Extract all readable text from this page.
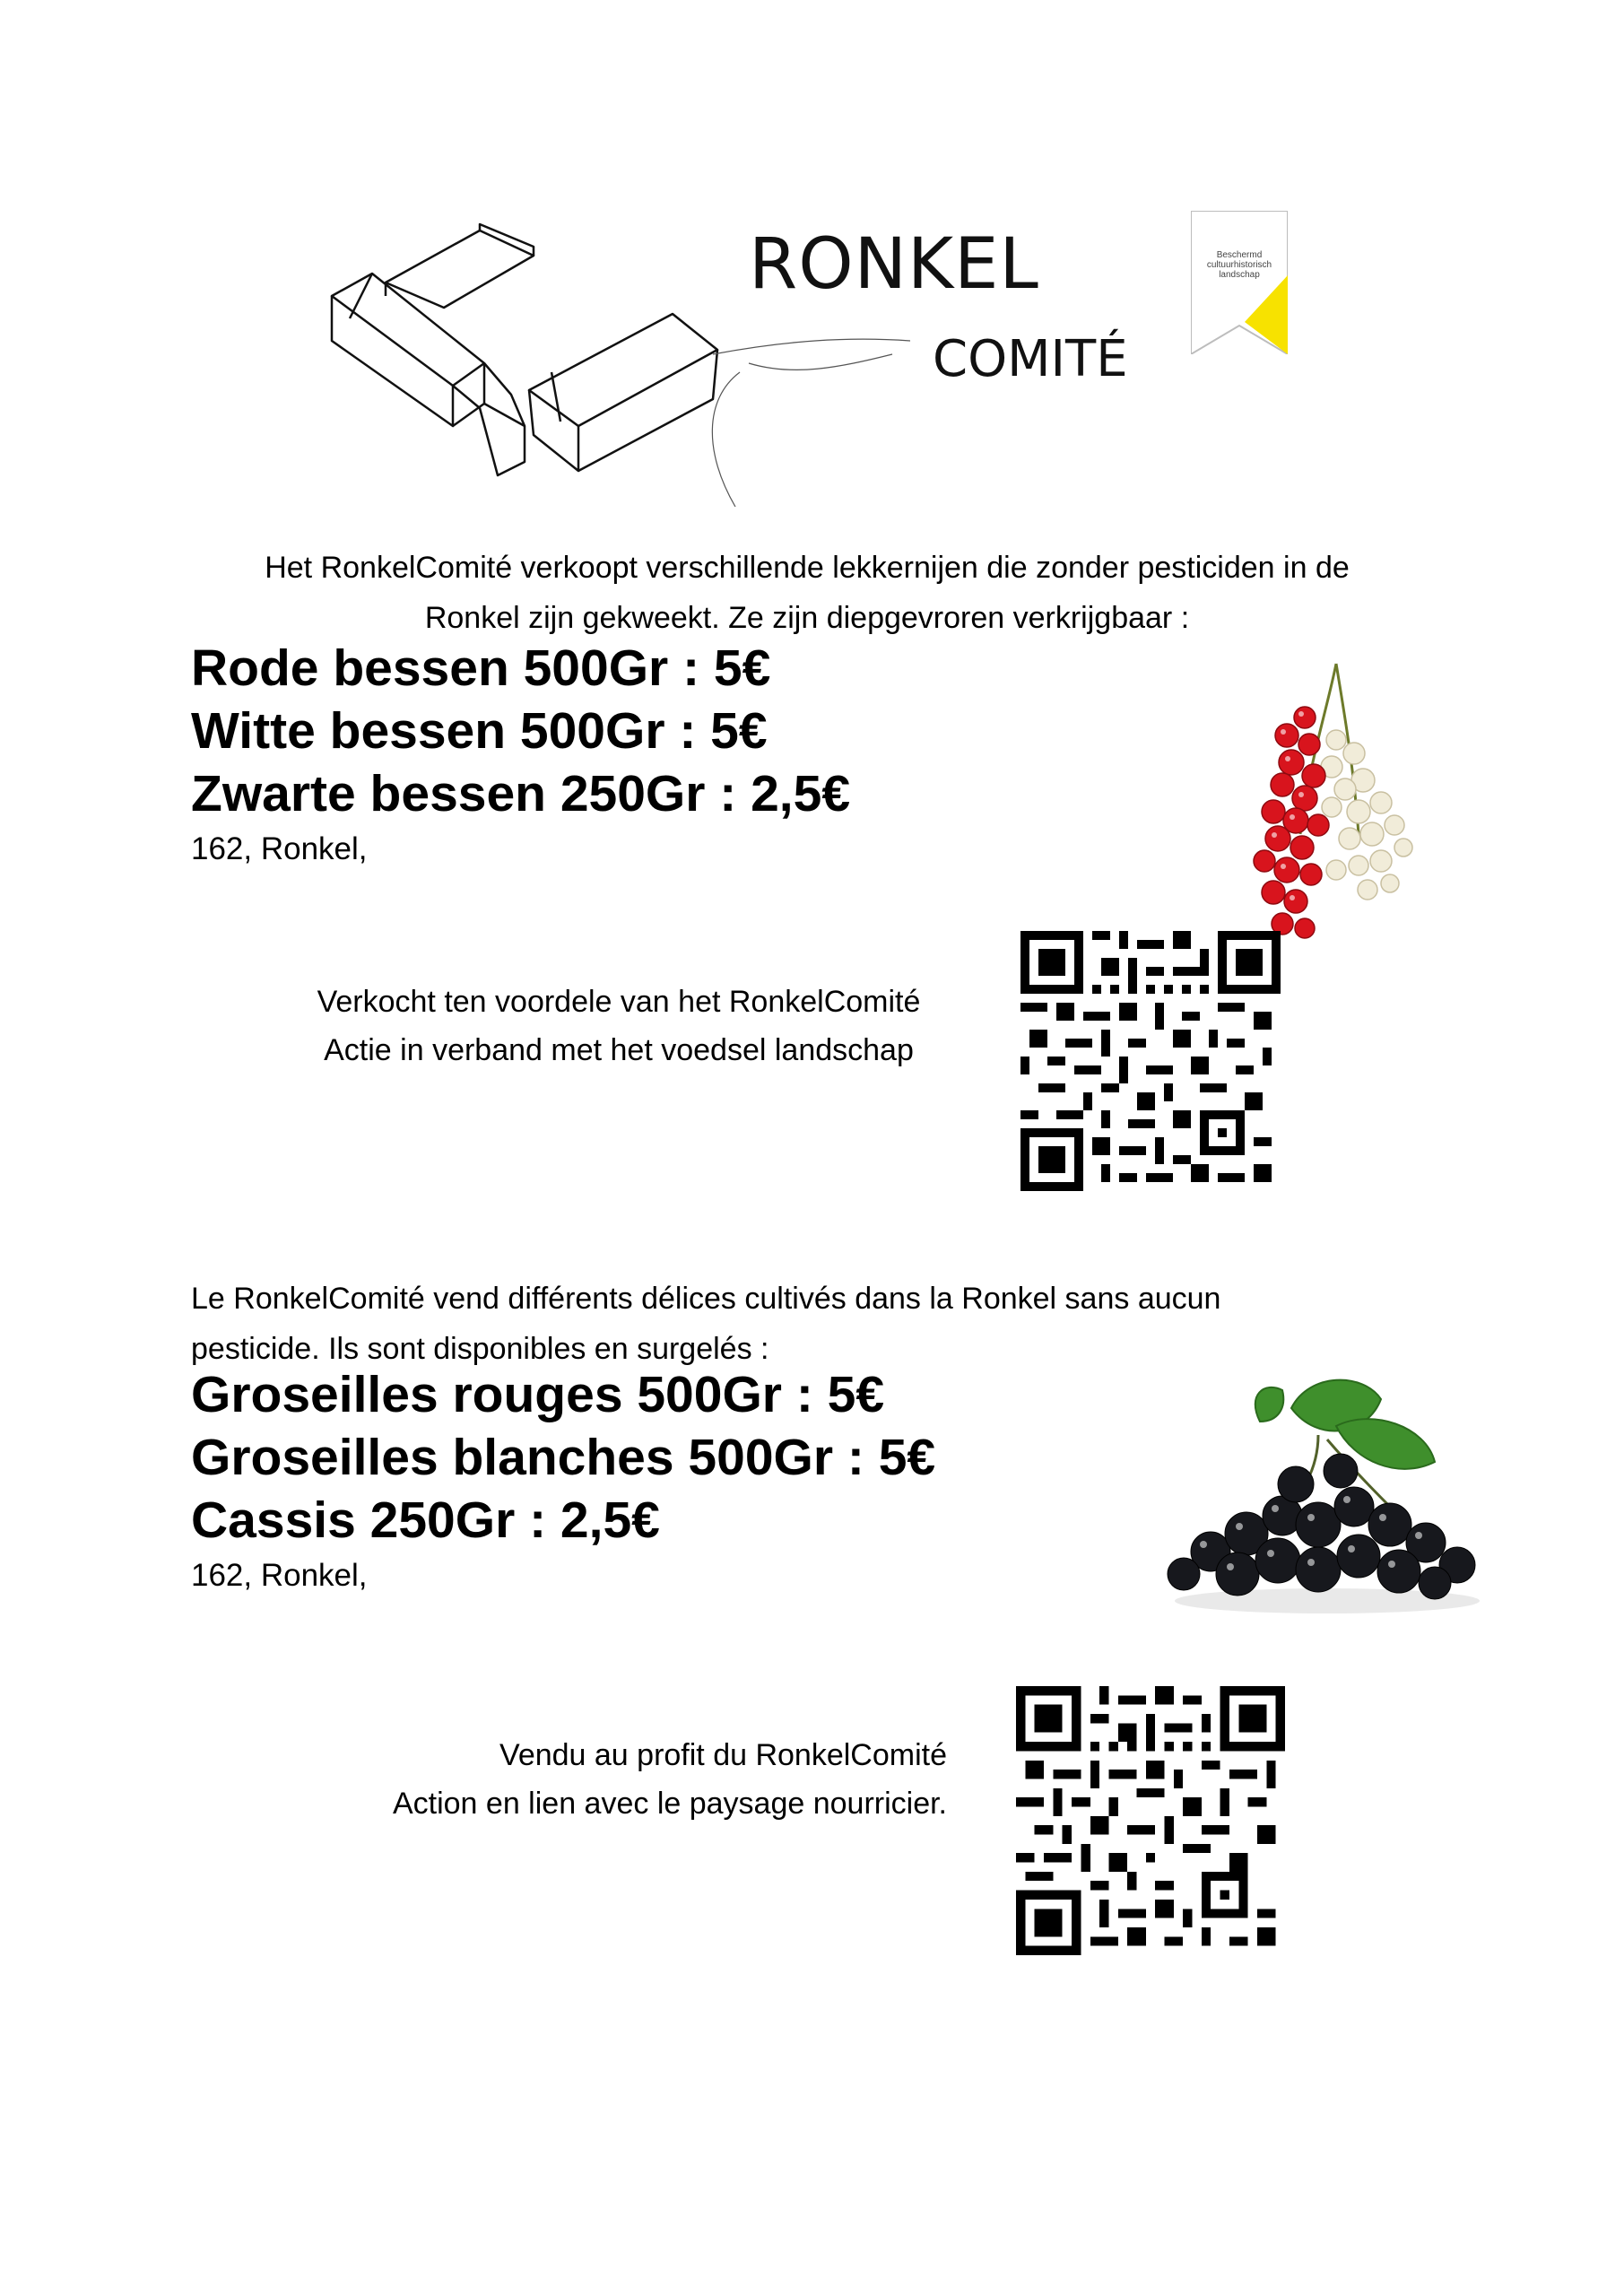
RONKEL
COMITÉ
Beschermd
cultuurhistorisch
landschap
Het RonkelComité verkoopt verschillende lekkernijen die zonder pesticiden in de
Ronkel zijn gekweekt. Ze zijn diepgevroren verkrijgbaar :
Rode bessen 500Gr : 5€
Witte bessen 500Gr : 5€
Zwarte bessen 250Gr : 2,5€
162, Ronkel,
Verkocht ten voordele van het RonkelComité
Actie in verband met het voedsel landschap
Le RonkelComité vend différents délices cultivés dans la Ronkel sans aucun
pesticide. Ils sont disponibles en surgelés :
Groseilles rouges 500Gr : 5€
Groseilles blanches 500Gr : 5€
Cassis 250Gr : 2,5€
162, Ronkel,
Vendu au profit du RonkelComité
Action en lien avec le paysage nourricier.
